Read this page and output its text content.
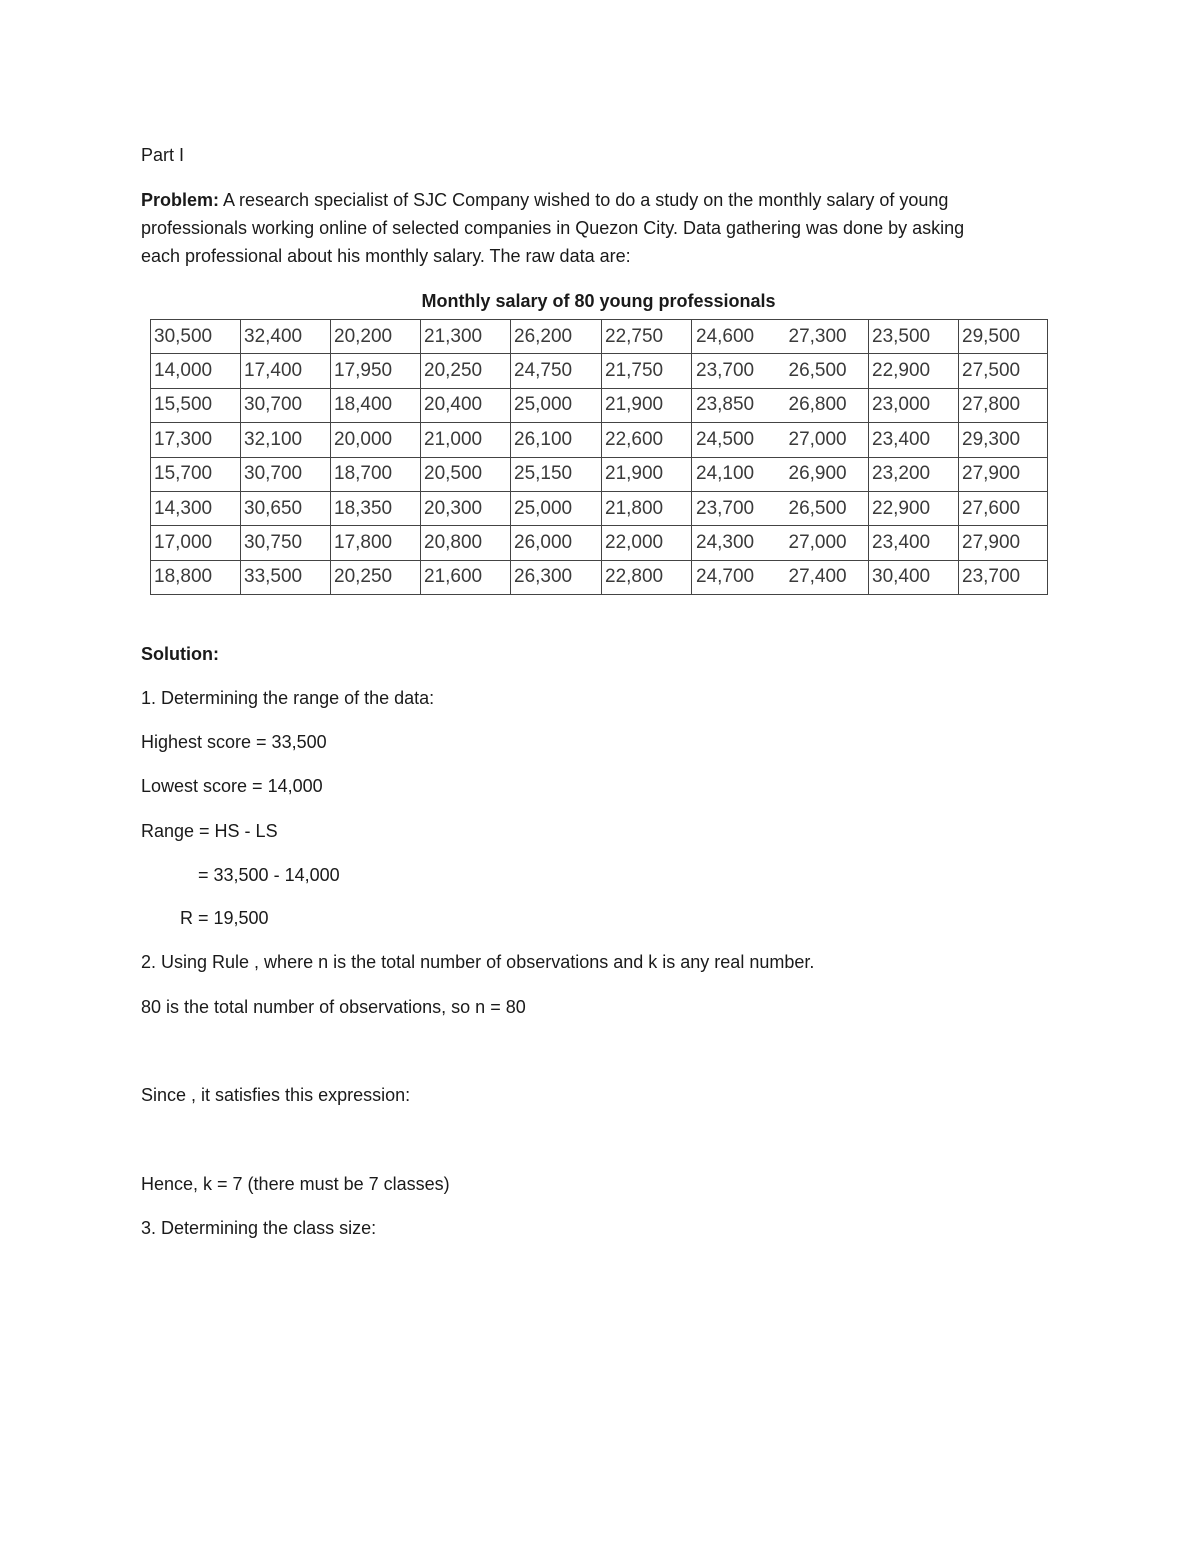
Part I
Problem: A research specialist of SJC Company wished to do a study on the monthly salary of young
professionals working online of selected companies in Quezon City. Data gathering was done by asking
each professional about his monthly salary. The raw data are:
Monthly salary of 80 young professionals
30,500	32,400	20,200	21,300	26,200	22,750	24,600	27,300	23,500	29,500
14,000	17,400	17,950	20,250	24,750	21,750	23,700	26,500	22,900	27,500
15,500	30,700	18,400	20,400	25,000	21,900	23,850	26,800	23,000	27,800
17,300	32,100	20,000	21,000	26,100	22,600	24,500	27,000	23,400	29,300
15,700	30,700	18,700	20,500	25,150	21,900	24,100	26,900	23,200	27,900
14,300	30,650	18,350	20,300	25,000	21,800	23,700	26,500	22,900	27,600
17,000	30,750	17,800	20,800	26,000	22,000	24,300	27,000	23,400	27,900
18,800	33,500	20,250	21,600	26,300	22,800	24,700	27,400	30,400	23,700
Solution:
1. Determining the range of the data:
Highest score = 33,500
Lowest score = 14,000
Range = HS - LS
= 33,500 - 14,000
R = 19,500
2. Using Rule , where n is the total number of observations and k is any real number.
80 is the total number of observations, so n = 80
Since , it satisfies this expression:
Hence, k = 7 (there must be 7 classes)
3. Determining the class size:
